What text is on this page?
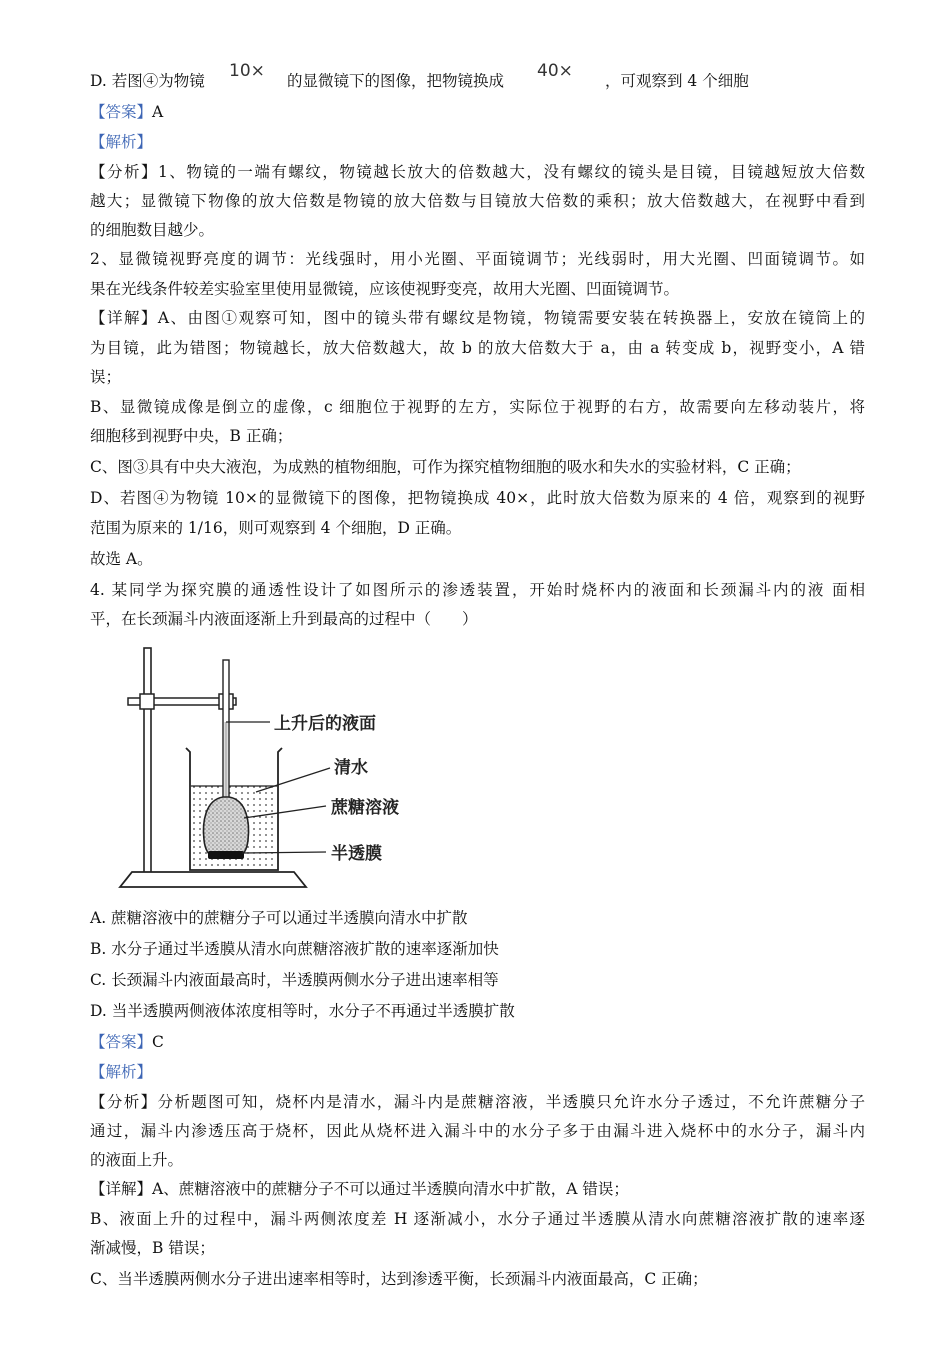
D. 若图④为物镜 10× 的显微镜下的图像，把物镜换成 40× ，可观察到 4 个细胞
【答案】A
【解析】
【分析】1、物镜的一端有螺纹，物镜越长放大的倍数越大，没有螺纹的镜头是目镜，目镜越短放大倍数
越大；显微镜下物像的放大倍数是物镜的放大倍数与目镜放大倍数的乘积；放大倍数越大，在视野中看到
的细胞数目越少。
2、显微镜视野亮度的调节：光线强时，用小光圈、平面镜调节；光线弱时，用大光圈、凹面镜调节。如
果在光线条件较差实验室里使用显微镜，应该使视野变亮，故用大光圈、凹面镜调节。
【详解】A、由图①观察可知，图中的镜头带有螺纹是物镜，物镜需要安装在转换器上，安放在镜筒上的
为目镜，此为错图；物镜越长，放大倍数越大，故 b 的放大倍数大于 a，由 a 转变成 b，视野变小，A 错
误；
B、显微镜成像是倒立的虚像，c 细胞位于视野的左方，实际位于视野的右方，故需要向左移动装片，将
细胞移到视野中央，B 正确；
C、图③具有中央大液泡，为成熟的植物细胞，可作为探究植物细胞的吸水和失水的实验材料，C 正确；
D、若图④为物镜 10×的显微镜下的图像，把物镜换成 40×，此时放大倍数为原来的 4 倍，观察到的视野
范围为原来的 1/16，则可观察到 4 个细胞，D 正确。
故选 A。
4. 某同学为探究膜的通透性设计了如图所示的渗透装置，开始时烧杯内的液面和长颈漏斗内的液 面相
平，在长颈漏斗内液面逐渐上升到最高的过程中（　　）
上升后的液面
清水
蔗糖溶液
半透膜
A. 蔗糖溶液中的蔗糖分子可以通过半透膜向清水中扩散
B. 水分子通过半透膜从清水向蔗糖溶液扩散的速率逐渐加快
C. 长颈漏斗内液面最高时，半透膜两侧水分子进出速率相等
D. 当半透膜两侧液体浓度相等时，水分子不再通过半透膜扩散
【答案】C
【解析】
【分析】分析题图可知，烧杯内是清水，漏斗内是蔗糖溶液，半透膜只允许水分子透过，不允许蔗糖分子
通过，漏斗内渗透压高于烧杯，因此从烧杯进入漏斗中的水分子多于由漏斗进入烧杯中的水分子，漏斗内
的液面上升。
【详解】A、蔗糖溶液中的蔗糖分子不可以通过半透膜向清水中扩散，A 错误；
B、液面上升的过程中，漏斗两侧浓度差 H 逐渐减小，水分子通过半透膜从清水向蔗糖溶液扩散的速率逐
渐减慢，B 错误；
C、当半透膜两侧水分子进出速率相等时，达到渗透平衡，长颈漏斗内液面最高，C 正确；
